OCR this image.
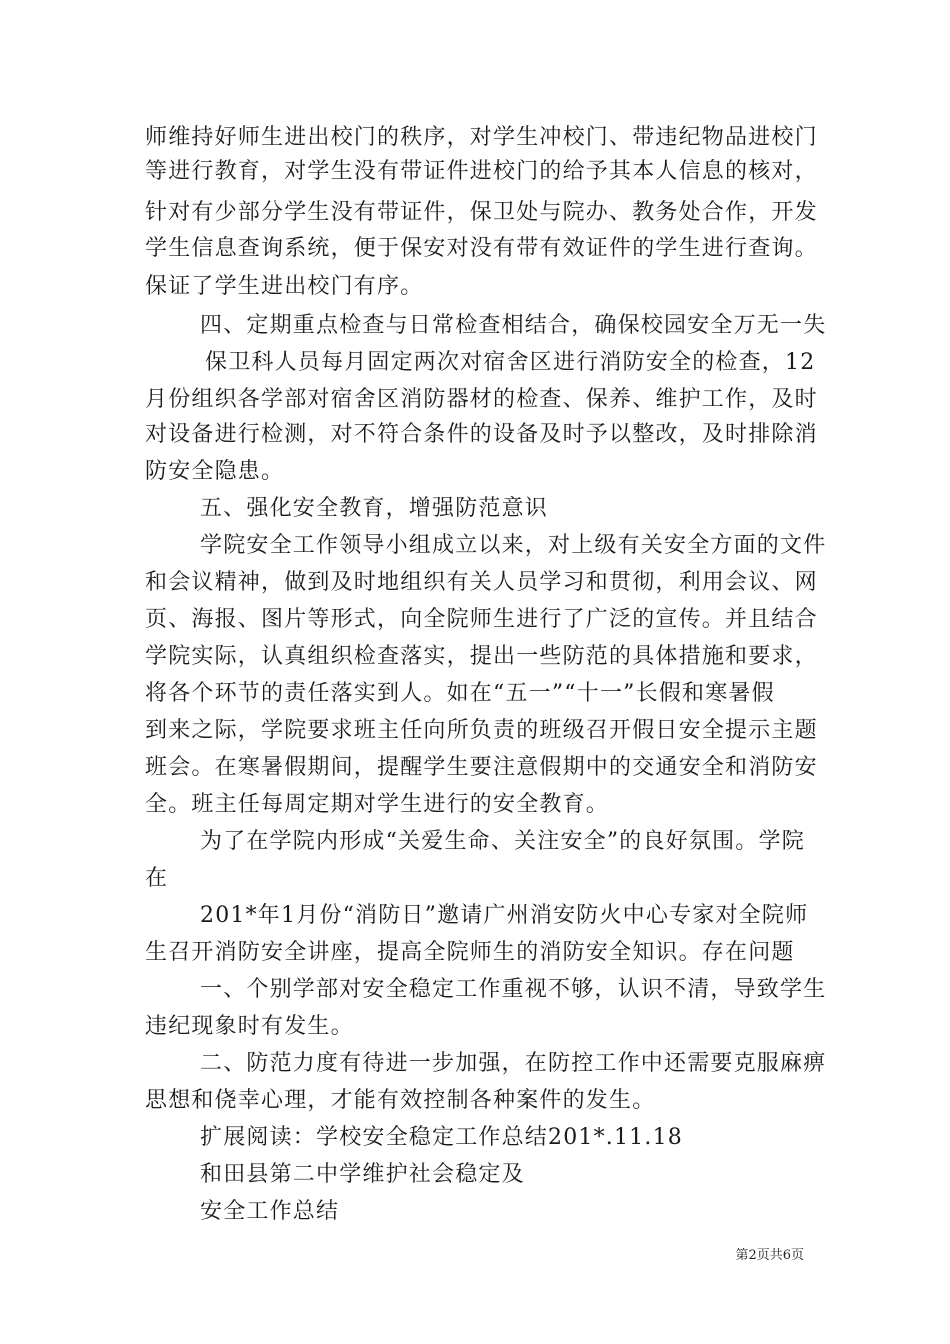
师维持好师生进出校门的秩序，对学生冲校门、带违纪物品进校门
等进行教育，对学生没有带证件进校门的给予其本人信息的核对，
针对有少部分学生没有带证件，保卫处与院办、教务处合作，开发
学生信息查询系统，便于保安对没有带有效证件的学生进行查询。
保证了学生进出校门有序。
四、定期重点检查与日常检查相结合，确保校园安全万无一失
保卫科人员每月固定两次对宿舍区进行消防安全的检查，12
月份组织各学部对宿舍区消防器材的检查、保养、维护工作，及时
对设备进行检测，对不符合条件的设备及时予以整改，及时排除消
防安全隐患。
五、强化安全教育，增强防范意识
学院安全工作领导小组成立以来，对上级有关安全方面的文件
和会议精神，做到及时地组织有关人员学习和贯彻，利用会议、网
页、海报、图片等形式，向全院师生进行了广泛的宣传。并且结合
学院实际，认真组织检查落实，提出一些防范的具体措施和要求，
将各个环节的责任落实到人。如在“五一”“十一”长假和寒暑假
到来之际，学院要求班主任向所负责的班级召开假日安全提示主题
班会。在寒暑假期间，提醒学生要注意假期中的交通安全和消防安
全。班主任每周定期对学生进行的安全教育。
为了在学院内形成“关爱生命、关注安全”的良好氛围。学院
在
201*年1月份“消防日”邀请广州消安防火中心专家对全院师
生召开消防安全讲座，提高全院师生的消防安全知识。存在问题
一、个别学部对安全稳定工作重视不够，认识不清，导致学生
违纪现象时有发生。
二、防范力度有待进一步加强，在防控工作中还需要克服麻痹
思想和侥幸心理，才能有效控制各种案件的发生。
扩展阅读：学校安全稳定工作总结201*.11.18
和田县第二中学维护社会稳定及
安全工作总结
第2页共6页
